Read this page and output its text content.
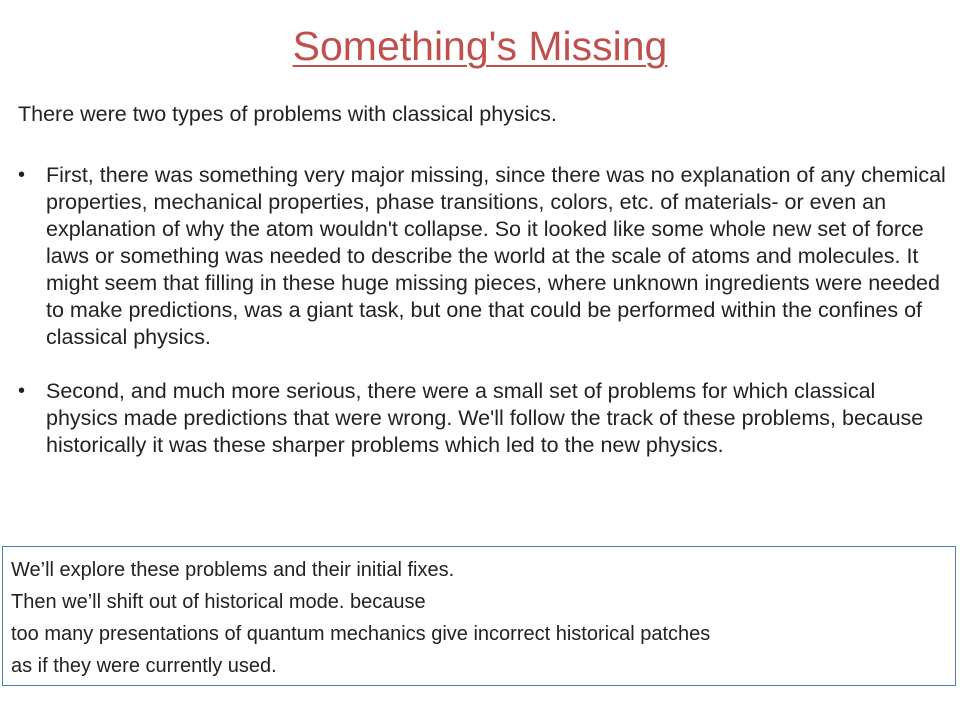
Something's Missing
There were two types of problems with classical physics.
• First, there was something very major missing, since there was no explanation of any chemical properties, mechanical properties, phase transitions, colors, etc. of materials- or even an explanation of why the atom wouldn't collapse. So it looked like some whole new set of force laws or something was needed to describe the world at the scale of atoms and molecules. It might seem that filling in these huge missing pieces, where unknown ingredients were needed to make predictions, was a giant task, but one that could be performed within the confines of classical physics.
• Second, and much more serious, there were a small set of problems for which classical physics made predictions that were wrong. We'll follow the track of these problems, because historically it was these sharper problems which led to the new physics.
We’ll explore these problems and their initial fixes.
Then we’ll shift out of historical mode. because
too many presentations of quantum mechanics give incorrect historical patches
as if they were currently used.
